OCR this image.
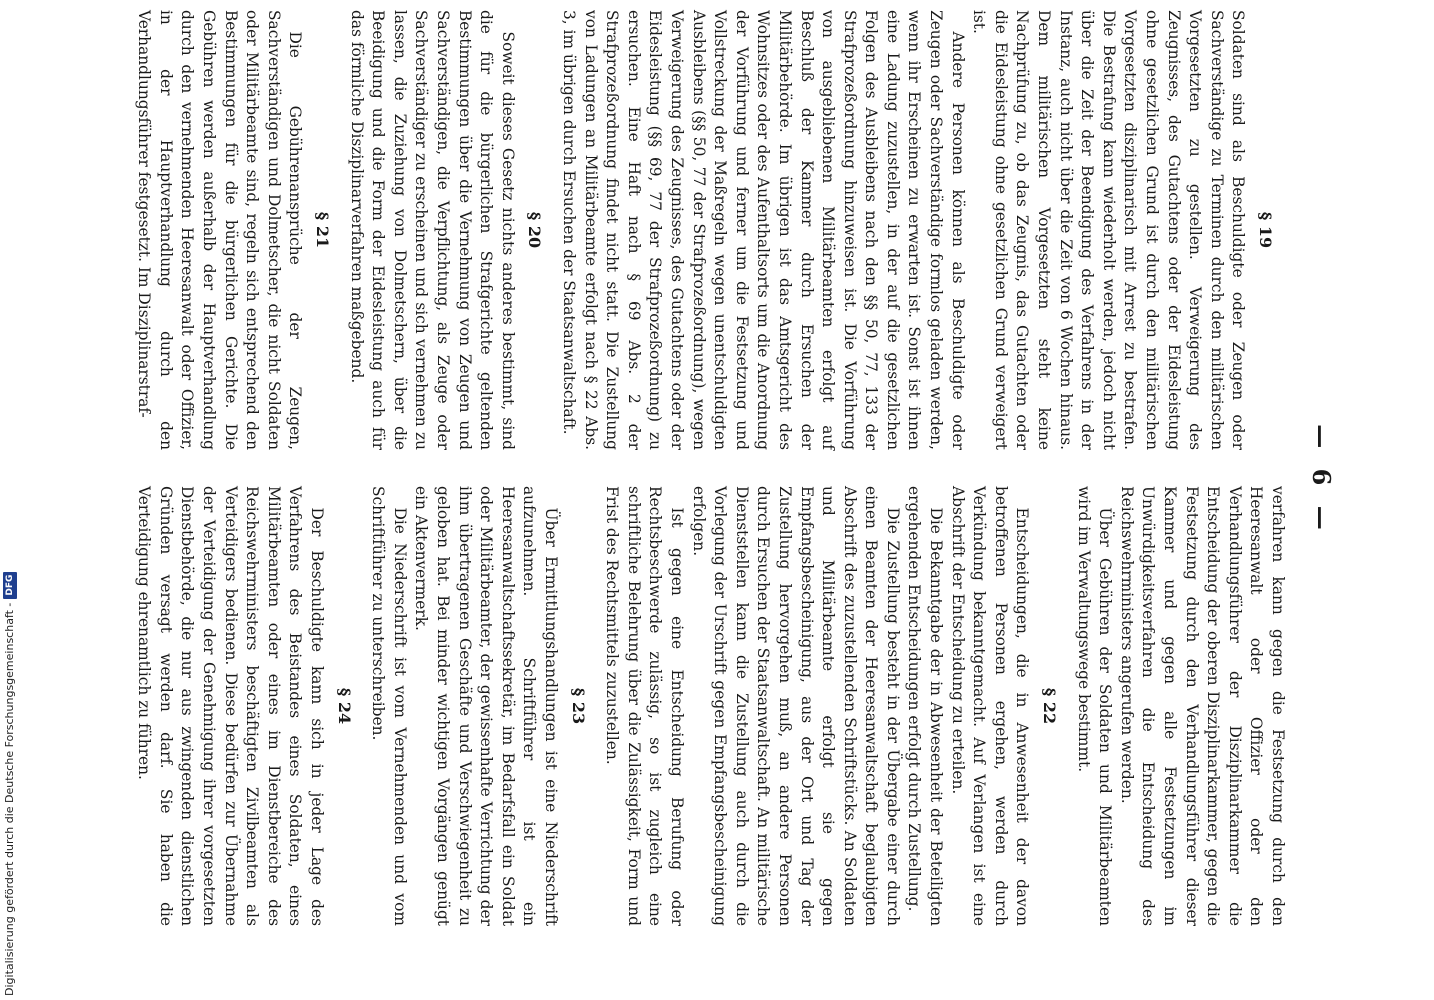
— 6 —
§ 19

Soldaten sind als Beschuldigte oder Zeugen oder Sachverständige zu Terminen durch den militärischen Vorgesetzten zu gestellen. Verweigerung des Zeugnisses, des Gutachtens oder der Eidesleistung ohne gesetzlichen Grund ist durch den militärischen Vorgesetzten disziplinarisch mit Arrest zu bestrafen. Die Bestrafung kann wiederholt werden, jedoch nicht über die Zeit der Beendigung des Verfahrens in der Instanz, auch nicht über die Zeit von 6 Wochen hinaus. Dem militärischen Vorgesetzten steht keine Nachprüfung zu, ob das Zeugnis, das Gutachten oder die Eidesleistung ohne gesetzlichen Grund verweigert ist.

Andere Personen können als Beschuldigte oder Zeugen oder Sachverständige formlos geladen werden, wenn ihr Erscheinen zu erwarten ist. Sonst ist ihnen eine Ladung zuzustellen, in der auf die gesetzlichen Folgen des Ausbleibens nach den §§ 50, 77, 133 der Strafprozeßordnung hinzuweisen ist. Die Vorführung von ausgebliebenen Militärbeamten erfolgt auf Beschluß der Kammer durch Ersuchen der Militärbehörde. Im übrigen ist das Amtsgericht des Wohnsitzes oder des Aufenthaltsorts um die Anordnung der Vorführung und ferner um die Festsetzung und Vollstreckung der Maßregeln wegen unentschuldigten Ausbleibens (§§ 50, 77 der Strafprozeßordnung), wegen Verweigerung des Zeugnisses, des Gutachtens oder der Eidesleistung (§§ 69, 77 der Strafprozeßordnung) zu ersuchen. Eine Haft nach § 69 Abs. 2 der Strafprozeßordnung findet nicht statt. Die Zustellung von Ladungen an Militärbeamte erfolgt nach § 22 Abs. 3, im übrigen durch Ersuchen der Staatsanwaltschaft.

§ 20

Soweit dieses Gesetz nichts anderes bestimmt, sind die für die bürgerlichen Strafgerichte geltenden Bestimmungen über die Vernehmung von Zeugen und Sachverständigen, die Verpflichtung, als Zeuge oder Sachverständiger zu erscheinen und sich vernehmen zu lassen, die Zuziehung von Dolmetschern, über die Beeidigung und die Form der Eidesleistung auch für das förmliche Disziplinarverfahren maßgebend.

§ 21

Die Gebührenansprüche der Zeugen, Sachverständigen und Dolmetscher, die nicht Soldaten oder Militärbeamte sind, regeln sich entsprechend den Bestimmungen für die bürgerlichen Gerichte. Die Gebühren werden außerhalb der Hauptverhandlung durch den vernehmenden Heeresanwalt oder Offizier, in der Hauptverhandlung durch den Verhandlungsführer festgesetzt. Im Disziplinarstraf-

verfahren kann gegen die Festsetzung durch den Heeresanwalt oder Offizier oder den Verhandlungsführer der Disziplinarkammer die Entscheidung der oberen Disziplinarkammer, gegen die Festsetzung durch den Verhandlungsführer dieser Kammer und gegen alle Festsetzungen im Unwürdigkeitsverfahren die Entscheidung des Reichswehrministers angerufen werden.

Über Gebühren der Soldaten und Militärbeamten wird im Verwaltungswege bestimmt.

§ 22

Entscheidungen, die in Anwesenheit der davon betroffenen Personen ergehen, werden durch Verkündung bekanntgemacht. Auf Verlangen ist eine Abschrift der Entscheidung zu erteilen.

Die Bekanntgabe der in Abwesenheit der Beteiligten ergehenden Entscheidungen erfolgt durch Zustellung.

Die Zustellung besteht in der Übergabe einer durch einen Beamten der Heeresanwaltschaft beglaubigten Abschrift des zuzustellenden Schriftstücks. An Soldaten und Militärbeamte erfolgt sie gegen Empfangsbescheinigung, aus der Ort und Tag der Zustellung hervorgehen muß, an andere Personen durch Ersuchen der Staatsanwaltschaft. An militärische Dienststellen kann die Zustellung auch durch die Vorlegung der Urschrift gegen Empfangsbescheinigung erfolgen.

Ist gegen eine Entscheidung Berufung oder Rechtsbeschwerde zulässig, so ist zugleich eine schriftliche Belehrung über die Zulässigkeit, Form und Frist des Rechtsmittels zuzustellen.

§ 23

Über Ermittlungshandlungen ist eine Niederschrift aufzunehmen. Schriftführer ist ein Heeresanwaltschaftssekretär, im Bedarfsfall ein Soldat oder Militärbeamter, der gewissenhafte Verrichtung der ihm übertragenen Geschäfte und Verschwiegenheit zu geloben hat. Bei minder wichtigen Vorgängen genügt ein Aktenvermerk.

Die Niederschrift ist vom Vernehmenden und vom Schriftführer zu unterschreiben.

§ 24

Der Beschuldigte kann sich in jeder Lage des Verfahrens des Beistandes eines Soldaten, eines Militärbeamten oder eines im Dienstbereiche des Reichswehrministers beschäftigten Zivilbeamten als Verteidigers bedienen. Diese bedürfen zur Übernahme der Verteidigung der Genehmigung ihrer vorgesetzten Dienstbehörde, die nur aus zwingenden dienstlichen Gründen versagt werden darf. Sie haben die Verteidigung ehrenamtlich zu führen.

Digitalisierung gefördert durch die Deutsche Forschungsgemeinschaft -
DFG
